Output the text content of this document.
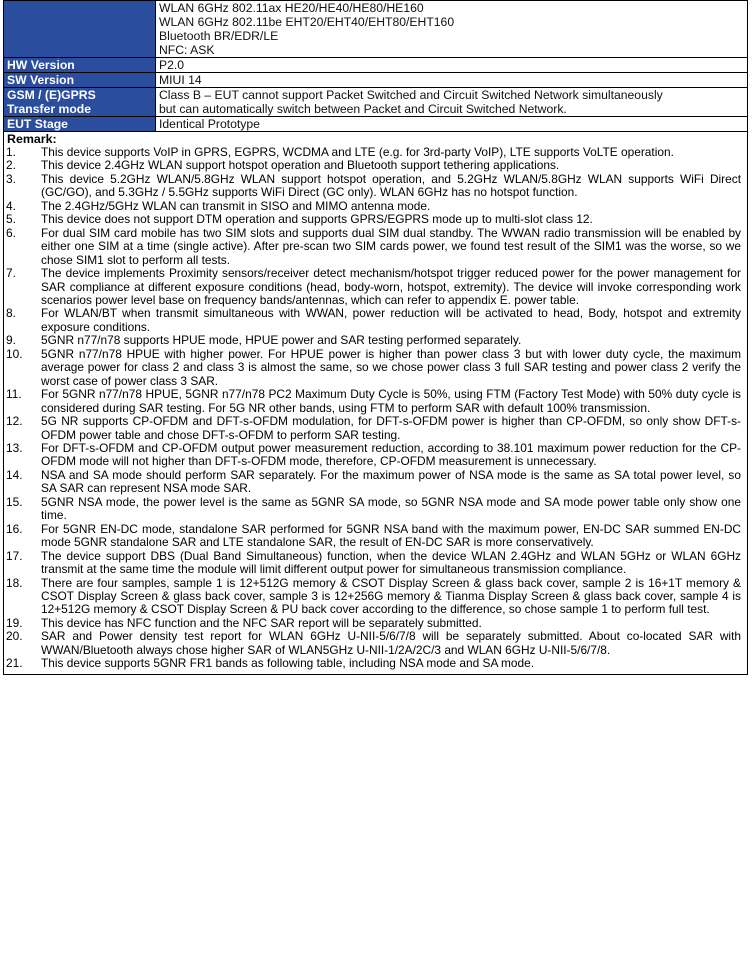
	WLAN 6GHz 802.11ax HE20/HE40/HE80/HE160
WLAN 6GHz 802.11be EHT20/EHT40/EHT80/EHT160
Bluetooth BR/EDR/LE
NFC: ASK

HW Version	P2.0
SW Version	MIUI 14

GSM / (E)GPRS
Transfer mode	Class B – EUT cannot support Packet Switched and Circuit Switched Network simultaneously
but can automatically switch between Packet and Circuit Switched Network.

EUT Stage	Identical Prototype
Remark:
1. This device supports VoIP in GPRS, EGPRS, WCDMA and LTE (e.g. for 3rd-party VoIP), LTE supports VoLTE operation.
2. This device 2.4GHz WLAN support hotspot operation and Bluetooth support tethering applications.
3. This device 5.2GHz WLAN/5.8GHz WLAN support hotspot operation, and 5.2GHz WLAN/5.8GHz WLAN supports WiFi Direct (GC/GO), and 5.3GHz / 5.5GHz supports WiFi Direct (GC only). WLAN 6GHz has no hotspot function.
4. The 2.4GHz/5GHz WLAN can transmit in SISO and MIMO antenna mode.
5. This device does not support DTM operation and supports GPRS/EGPRS mode up to multi-slot class 12.
6. For dual SIM card mobile has two SIM slots and supports dual SIM dual standby. The WWAN radio transmission will be enabled by either one SIM at a time (single active). After pre-scan two SIM cards power, we found test result of the SIM1 was the worse, so we chose SIM1 slot to perform all tests.
7. The device implements Proximity sensors/receiver detect mechanism/hotspot trigger reduced power for the power management for SAR compliance at different exposure conditions (head, body-worn, hotspot, extremity). The device will invoke corresponding work scenarios power level base on frequency bands/antennas, which can refer to appendix E. power table.
8. For WLAN/BT when transmit simultaneous with WWAN, power reduction will be activated to head, Body, hotspot and extremity exposure conditions.
9. 5GNR n77/n78 supports HPUE mode, HPUE power and SAR testing performed separately.
10. 5GNR n77/n78 HPUE with higher power. For HPUE power is higher than power class 3 but with lower duty cycle, the maximum average power for class 2 and class 3 is almost the same, so we chose power class 3 full SAR testing and power class 2 verify the worst case of power class 3 SAR.
11. For 5GNR n77/n78 HPUE, 5GNR n77/n78 PC2 Maximum Duty Cycle is 50%, using FTM (Factory Test Mode) with 50% duty cycle is considered during SAR testing. For 5G NR other bands, using FTM to perform SAR with default 100% transmission.
12. 5G NR supports CP-OFDM and DFT-s-OFDM modulation, for DFT-s-OFDM power is higher than CP-OFDM, so only show DFT-s-OFDM power table and chose DFT-s-OFDM to perform SAR testing.
13. For DFT-s-OFDM and CP-OFDM output power measurement reduction, according to 38.101 maximum power reduction for the CP-OFDM mode will not higher than DFT-s-OFDM mode, therefore, CP-OFDM measurement is unnecessary.
14. NSA and SA mode should perform SAR separately. For the maximum power of NSA mode is the same as SA total power level, so SA SAR can represent NSA mode SAR.
15. 5GNR NSA mode, the power level is the same as 5GNR SA mode, so 5GNR NSA mode and SA mode power table only show one time.
16. For 5GNR EN-DC mode, standalone SAR performed for 5GNR NSA band with the maximum power, EN-DC SAR summed EN-DC mode 5GNR standalone SAR and LTE standalone SAR, the result of EN-DC SAR is more conservatively.
17. The device support DBS (Dual Band Simultaneous) function, when the device WLAN 2.4GHz and WLAN 5GHz or WLAN 6GHz transmit at the same time the module will limit different output power for simultaneous transmission compliance.
18. There are four samples, sample 1 is 12+512G memory & CSOT Display Screen & glass back cover, sample 2 is 16+1T memory & CSOT Display Screen & glass back cover, sample 3 is 12+256G memory & Tianma Display Screen & glass back cover, sample 4 is 12+512G memory & CSOT Display Screen & PU back cover according to the difference, so chose sample 1 to perform full test.
19. This device has NFC function and the NFC SAR report will be separately submitted.
20. SAR and Power density test report for WLAN 6GHz U-NII-5/6/7/8 will be separately submitted. About co-located SAR with WWAN/Bluetooth always chose higher SAR of WLAN5GHz U-NII-1/2A/2C/3 and WLAN 6GHz U-NII-5/6/7/8.
21. This device supports 5GNR FR1 bands as following table, including NSA mode and SA mode.
